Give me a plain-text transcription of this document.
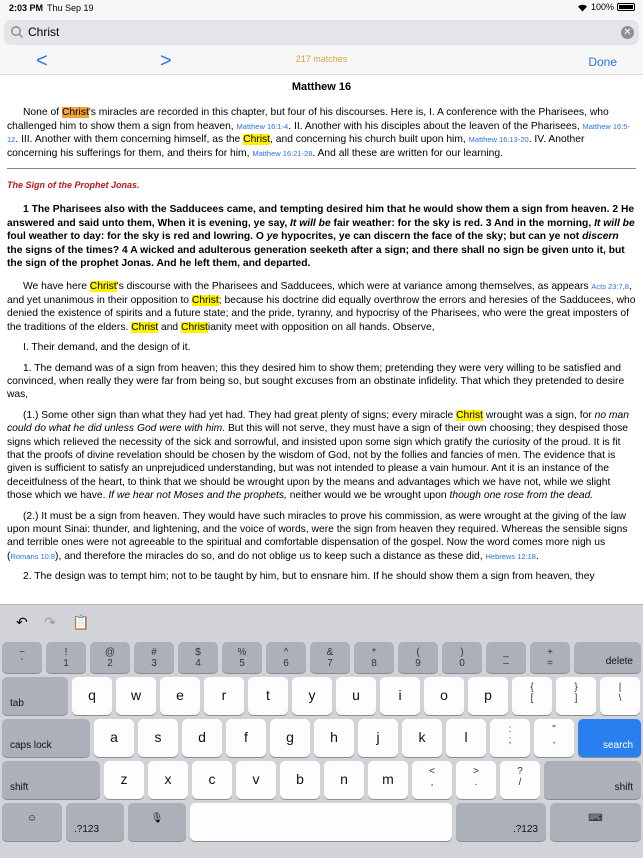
2:03 PM Thu Sep 19	100%
Christ	✕
<	217 matches
>	Done
Matthew 16

None of Christ's miracles are recorded in this chapter, but four of his discourses. Here is, I. A conference with the Pharisees, who challenged him to show them a sign from heaven, Matthew 16:1-4. II. Another with his disciples about the leaven of the Pharisees, Matthew 16:5-12. III. Another with them concerning himself, as the Christ, and concerning his church built upon him, Matthew 16:13-20. IV. Another concerning his sufferings for them, and theirs for him, Matthew 16:21-28. And all these are written for our learning.

The Sign of the Prophet Jonas.

1 The Pharisees also with the Sadducees came, and tempting desired him that he would show them a sign from heaven. 2 He answered and said unto them, When it is evening, ye say, It will be fair weather: for the sky is red. 3 And in the morning, It will be foul weather to day: for the sky is red and lowring. O ye hypocrites, ye can discern the face of the sky; but can ye not discern the signs of the times? 4 A wicked and adulterous generation seeketh after a sign; and there shall no sign be given unto it, but the sign of the prophet Jonas. And he left them, and departed.

We have here Christ's discourse with the Pharisees and Sadducees, which were at variance among themselves, as appears Acts 23:7,8, and yet unanimous in their opposition to Christ; because his doctrine did equally overthrow the errors and heresies of the Sadducees, who denied the existence of spirits and a future state; and the pride, tyranny, and hypocrisy of the Pharisees, who were the great imposters of the traditions of the elders. Christ and Christianity meet with opposition on all hands. Observe,

I. Their demand, and the design of it.

1. The demand was of a sign from heaven; this they desired him to show them; pretending they were very willing to be satisfied and convinced, when really they were far from being so, but sought excuses from an obstinate infidelity. That which they pretended to desire was,

(1.) Some other sign than what they had yet had. They had great plenty of signs; every miracle Christ wrought was a sign, for no man could do what he did unless God were with him. But this will not serve, they must have a sign of their own choosing; they despised those signs which relieved the necessity of the sick and sorrowful, and insisted upon some sign which gratify the curiosity of the proud. It is fit that the proofs of divine revelation should be chosen by the wisdom of God, not by the follies and fancies of men. The evidence that is given is sufficient to satisfy an unprejudiced understanding, but was not intended to please a vain humour. Ant it is an instance of the deceitfulness of the heart, to think that we should be wrought upon by the means and advantages which we have not, while we slight those which we have. If we hear not Moses and the prophets, neither would we be wrought upon though one rose from the dead.

(2.) It must be a sign from heaven. They would have such miracles to prove his commission, as were wrought at the giving of the law upon mount Sinai: thunder, and lightening, and the voice of words, were the sign from heaven they required. Whereas the sensible signs and terrible ones were not agreeable to the spiritual and comfortable dispensation of the gospel. Now the word comes more nigh us (Romans 10:8), and therefore the miracles do so, and do not oblige us to keep such a distance as these did, Hebrews 12:18.

2. The design was to tempt him; not to be taught by him, but to ensnare him. If he should show them a sign from heaven, they

↶ ↷ 📋
~
`
!
1
@
2
#
3
$
4
%
5
^
6
&
7
*
8
(
9
)
0
_
–
+
=	delete
tab
q	w	e	r	t	y	u	i	o	p	{
[
}
]
|
\
caps lock
a	s	d	f	g	h	j	k	l	:
;
"
,	search
shift
z	x	c	v	b	n	m	<
,
>
.
?
/	shift
☺
.?123
🎙
.?123
⌨
